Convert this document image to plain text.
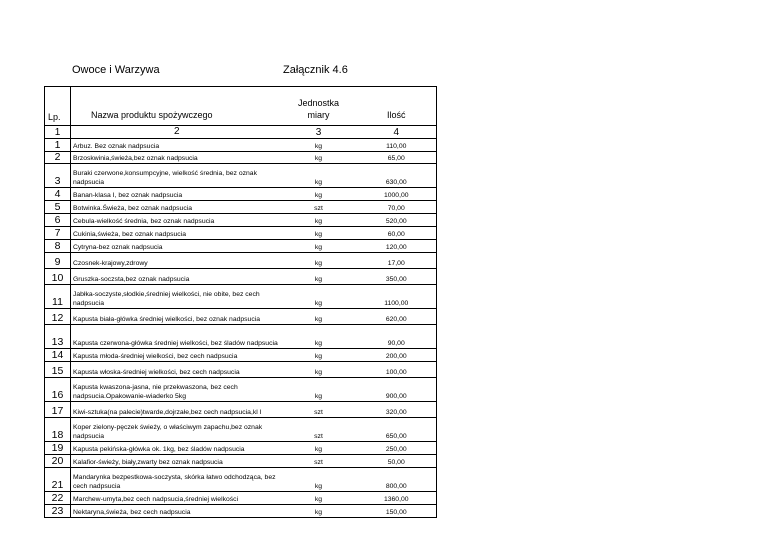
Owoce i Warzywa	Załącznik 4.6
Lp.	Nazwa produktu spożywczego	Jednostka miary	Ilość
1	2	3	4
1	Arbuz. Bez oznak nadpsucia	kg	110,00
2	Brzoskwinia,świeża,bez oznak nadpsucia	kg	65,00
3	Buraki czerwone,konsumpcyjne, wielkość średnia, bez oznak nadpsucia	kg	630,00
4	Banan-klasa I, bez oznak nadpsucia	kg	1000,00
5	Botwinka.Świeża, bez oznak nadpsucia	szt	70,00
6	Cebula-wielkość średnia, bez oznak nadpsucia	kg	520,00
7	Cukinia,świeża, bez oznak nadpsucia	kg	60,00
8	Cytryna-bez oznak nadpsucia	kg	120,00
9	Czosnek-krajowy,zdrowy	kg	17,00
10	Gruszka-soczsta,bez oznak nadpsucia	kg	350,00
11	Jabłka-soczyste,słodkie,średniej wielkości, nie obite, bez cech nadpsucia	kg	1100,00
12	Kapusta biała-główka średniej wielkości, bez oznak nadpsucia	kg	620,00
13	Kapusta czerwona-główka średniej wielkości, bez śladów nadpsucia	kg	90,00
14	Kapusta młoda-średniej wielkości, bez cech nadpsucia	kg	200,00
15	Kapusta włoska-średniej wielkości, bez cech nadpsucia	kg	100,00
16	Kapusta kwaszona-jasna, nie przekwaszona, bez cech nadpsucia.Opakowanie-wiaderko 5kg	kg	900,00
17	Kiwi-sztuka(na palecie)twarde,dojrzałe,bez cech nadpsucia,kl I	szt	320,00
18	Koper zielony-pęczek świeży, o właściwym zapachu,bez oznak nadpsucia	szt	650,00
19	Kapusta pekińska-główka ok. 1kg, bez śladów nadpsucia	kg	250,00
20	Kalafior-świeży, biały,zwarty bez oznak nadpsucia	szt	50,00
21	Mandarynka bezpestkowa-soczysta, skórka łatwo odchodząca, bez cech nadpsucia	kg	800,00
22	Marchew-umyta,bez cech nadpsucia,średniej wielkości	kg	1360,00
23	Nektaryna,świeża, bez cech nadpsucia	kg	150,00
